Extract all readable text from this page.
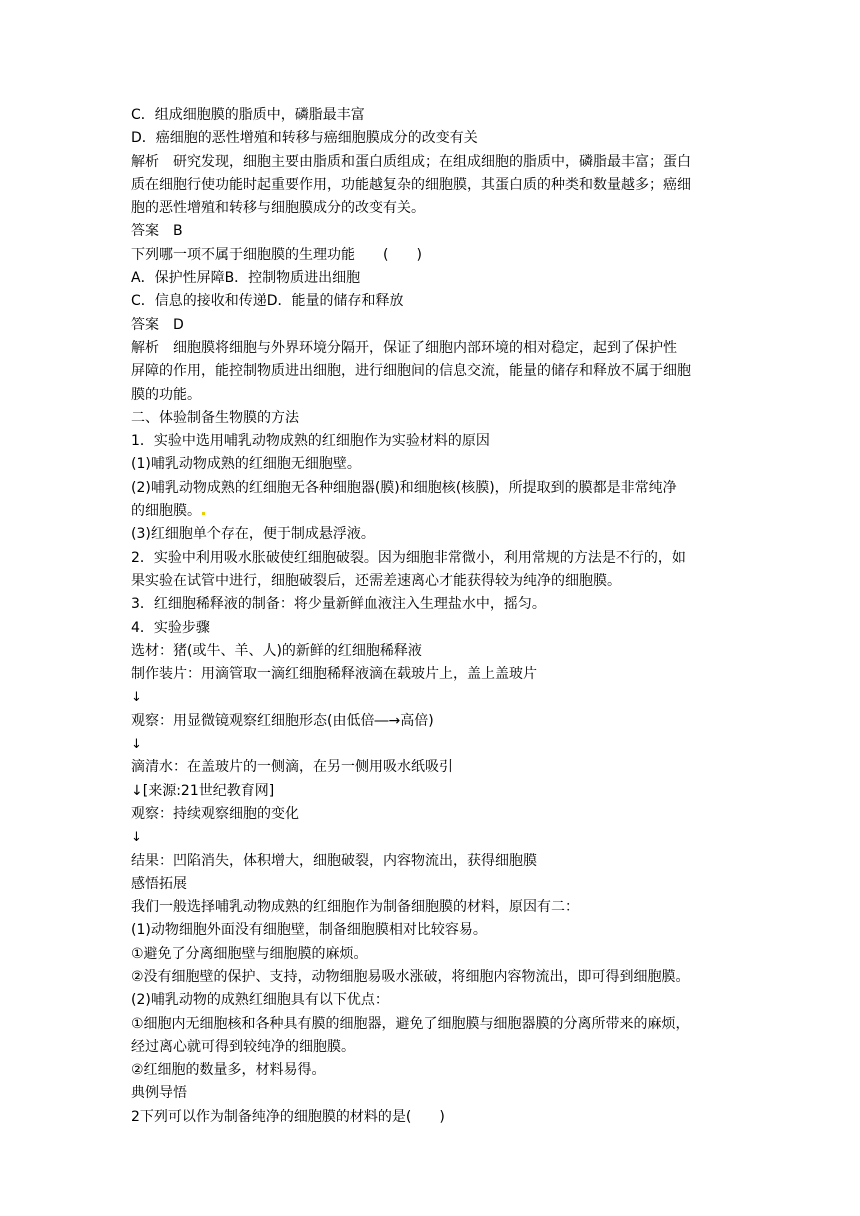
C．组成细胞膜的脂质中，磷脂最丰富
D．癌细胞的恶性增殖和转移与癌细胞膜成分的改变有关
解析　研究发现，细胞主要由脂质和蛋白质组成；在组成细胞的脂质中，磷脂最丰富；蛋白
质在细胞行使功能时起重要作用，功能越复杂的细胞膜，其蛋白质的种类和数量越多；癌细
胞的恶性增殖和转移与细胞膜成分的改变有关。
答案　B
下列哪一项不属于细胞膜的生理功能　　(　　)
A．保护性屏障B．控制物质进出细胞
C．信息的接收和传递D．能量的储存和释放
答案　D
解析　细胞膜将细胞与外界环境分隔开，保证了细胞内部环境的相对稳定，起到了保护性
屏障的作用，能控制物质进出细胞，进行细胞间的信息交流，能量的储存和释放不属于细胞
膜的功能。
二、体验制备生物膜的方法
1．实验中选用哺乳动物成熟的红细胞作为实验材料的原因
(1)哺乳动物成熟的红细胞无细胞壁。
(2)哺乳动物成熟的红细胞无各种细胞器(膜)和细胞核(核膜)，所提取到的膜都是非常纯净
的细胞膜。
(3)红细胞单个存在，便于制成悬浮液。
2．实验中利用吸水胀破使红细胞破裂。因为细胞非常微小，利用常规的方法是不行的，如
果实验在试管中进行，细胞破裂后，还需差速离心才能获得较为纯净的细胞膜。
3．红细胞稀释液的制备：将少量新鲜血液注入生理盐水中，摇匀。
4．实验步骤
选材：猪(或牛、羊、人)的新鲜的红细胞稀释液
制作装片：用滴管取一滴红细胞稀释液滴在载玻片上，盖上盖玻片
↓
观察：用显微镜观察红细胞形态(由低倍―→高倍)
↓
滴清水：在盖玻片的一侧滴，在另一侧用吸水纸吸引
↓[来源:21世纪教育网]
观察：持续观察细胞的变化
↓
结果：凹陷消失，体积增大，细胞破裂，内容物流出，获得细胞膜
感悟拓展
我们一般选择哺乳动物成熟的红细胞作为制备细胞膜的材料，原因有二：
(1)动物细胞外面没有细胞壁，制备细胞膜相对比较容易。
①避免了分离细胞壁与细胞膜的麻烦。
②没有细胞壁的保护、支持，动物细胞易吸水涨破，将细胞内容物流出，即可得到细胞膜。
(2)哺乳动物的成熟红细胞具有以下优点：
①细胞内无细胞核和各种具有膜的细胞器，避免了细胞膜与细胞器膜的分离所带来的麻烦，
经过离心就可得到较纯净的细胞膜。
②红细胞的数量多，材料易得。
典例导悟
2下列可以作为制备纯净的细胞膜的材料的是(　　)
